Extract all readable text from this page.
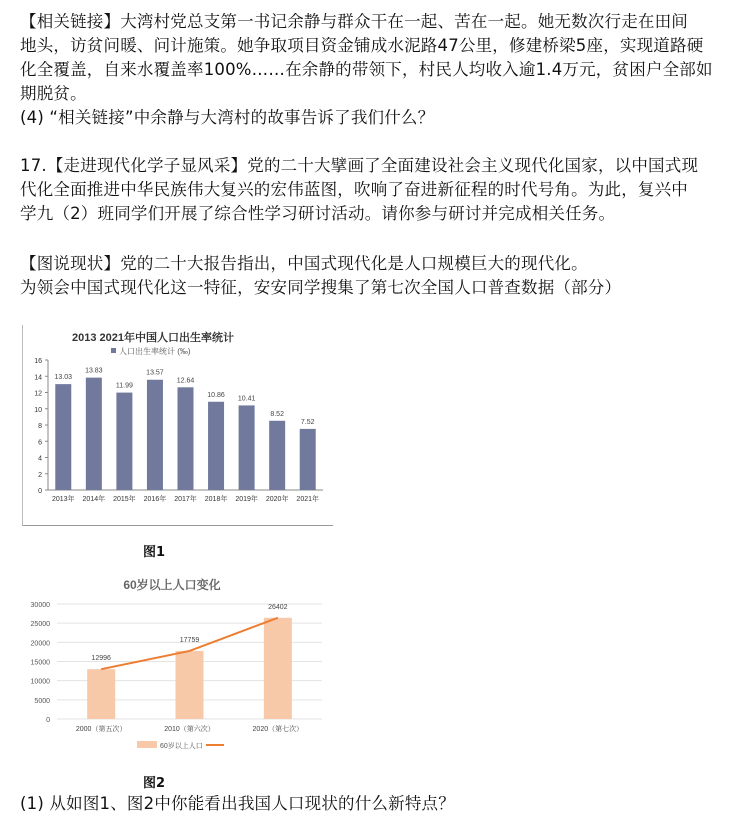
【相关链接】大湾村党总支第一书记余静与群众干在一起、苦在一起。她无数次行走在田间
地头，访贫问暖、问计施策。她争取项目资金铺成水泥路47公里，修建桥梁5座，实现道路硬
化全覆盖，自来水覆盖率100%……在余静的带领下，村民人均收入逾1.4万元，贫困户全部如
期脱贫。
(4) “相关链接”中余静与大湾村的故事告诉了我们什么？
17.【走进现代化学子显风采】党的二十大擘画了全面建设社会主义现代化国家，以中国式现
代化全面推进中华民族伟大复兴的宏伟蓝图，吹响了奋进新征程的时代号角。为此，复兴中
学九（2）班同学们开展了综合性学习研讨活动。请你参与研讨并完成相关任务。
【图说现状】党的二十大报告指出，中国式现代化是人口规模巨大的现代化。
为领会中国式现代化这一特征，安安同学搜集了第七次全国人口普查数据（部分）
2013 2021年中国人口出生率统计
人口出生率统计 (‰)
0
2
4
6
8
10
12
14
16
13.03
2013年
13.83
2014年
11.99
2015年
13.57
2016年
12.64
2017年
10.86
2018年
10.41
2019年
8.52
2020年
7.52
2021年
图1
60岁以上人口变化
0
5000
10000
15000
20000
25000
30000
12996
2000（第五次）
17759
2010（第六次）
26402
2020（第七次）
60岁以上人口
图2
(1) 从如图1、图2中你能看出我国人口现状的什么新特点？
